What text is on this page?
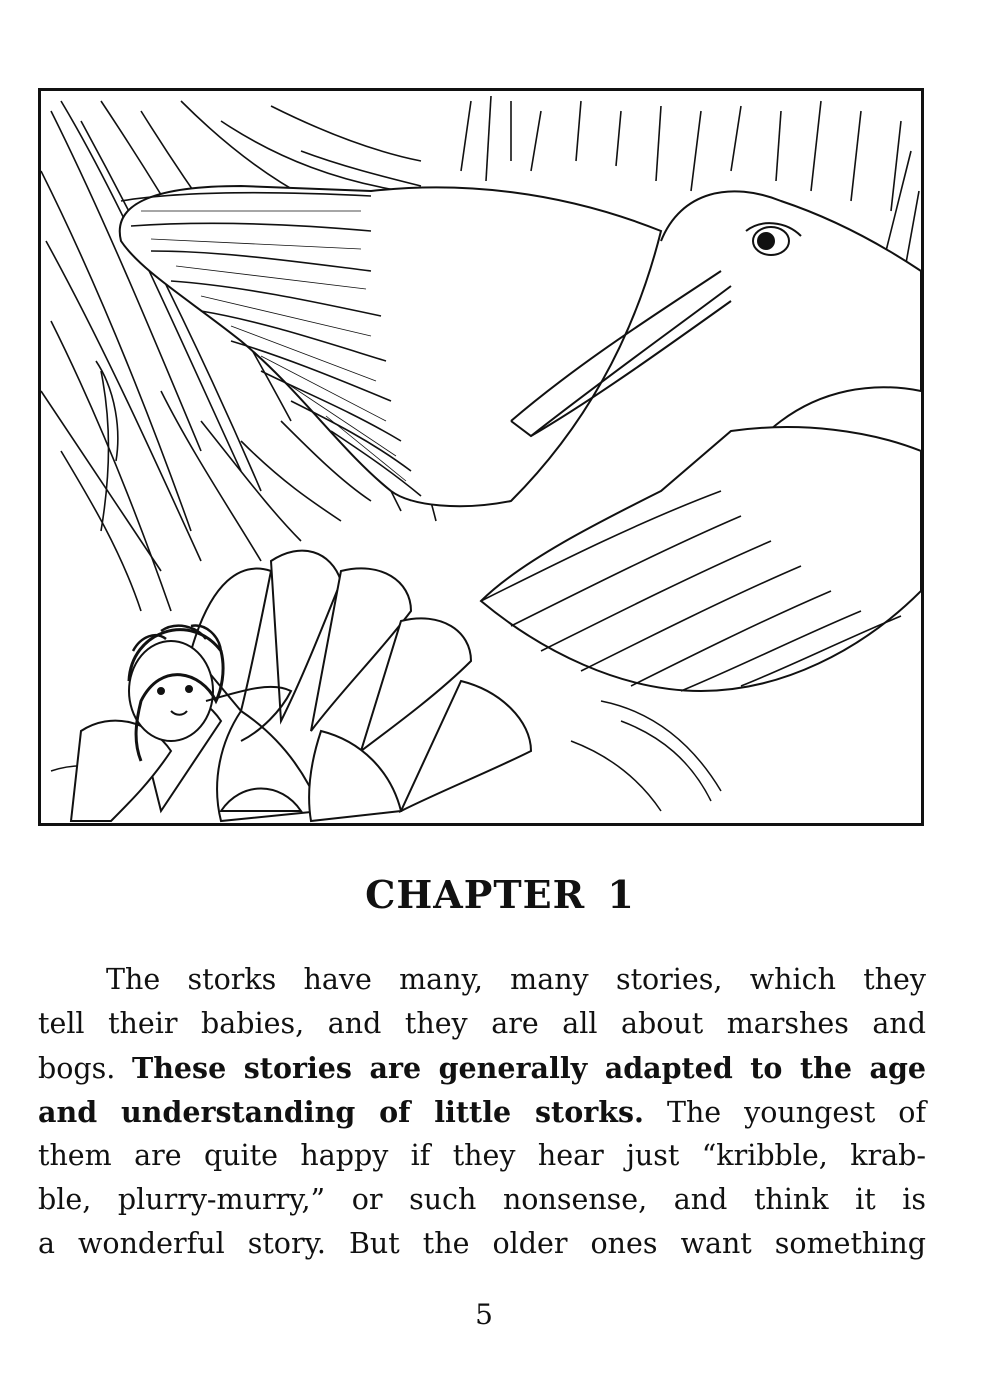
CHAPTER 1
The storks have many, many stories, which they
tell their babies, and they are all about marshes and
bogs. These stories are generally adapted to the age
and understanding of little storks. The youngest of
them are quite happy if they hear just “kribble, krab-
ble, plurry-murry,” or such nonsense, and think it is
a wonderful story. But the older ones want something
5
